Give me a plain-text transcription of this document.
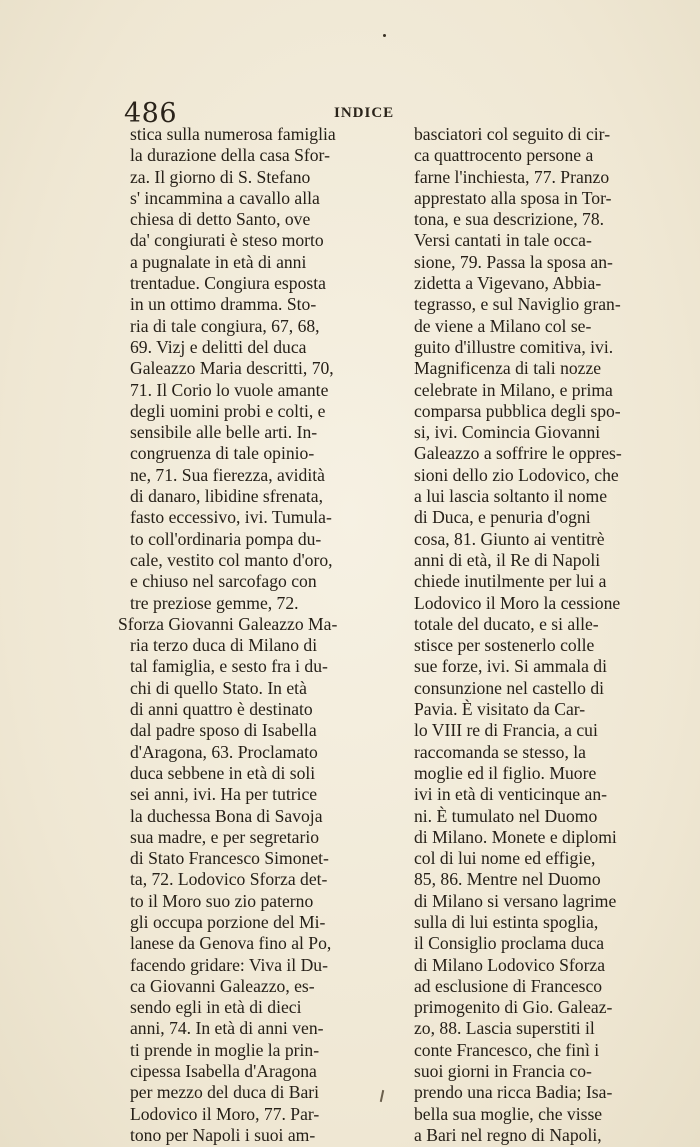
486	INDICE
stica sulla numerosa famiglia
la durazione della casa Sfor-
za. Il giorno di S. Stefano
s' incammina a cavallo alla
chiesa di detto Santo, ove
da' congiurati è steso morto
a pugnalate in età di anni
trentadue. Congiura esposta
in un ottimo dramma. Sto-
ria di tale congiura, 67, 68,
69. Vizj e delitti del duca
Galeazzo Maria descritti, 70,
71. Il Corio lo vuole amante
degli uomini probi e colti, e
sensibile alle belle arti. In-
congruenza di tale opinio-
ne, 71. Sua fierezza, avidità
di danaro, libidine sfrenata,
fasto eccessivo, ivi. Tumula-
to coll'ordinaria pompa du-
cale, vestito col manto d'oro,
e chiuso nel sarcofago con
tre preziose gemme, 72.
Sforza Giovanni Galeazzo Ma-
ria terzo duca di Milano di
tal famiglia, e sesto fra i du-
chi di quello Stato. In età
di anni quattro è destinato
dal padre sposo di Isabella
d'Aragona, 63. Proclamato
duca sebbene in età di soli
sei anni, ivi. Ha per tutrice
la duchessa Bona di Savoja
sua madre, e per segretario
di Stato Francesco Simonet-
ta, 72. Lodovico Sforza det-
to il Moro suo zio paterno
gli occupa porzione del Mi-
lanese da Genova fino al Po,
facendo gridare: Viva il Du-
ca Giovanni Galeazzo, es-
sendo egli in età di dieci
anni, 74. In età di anni ven-
ti prende in moglie la prin-
cipessa Isabella d'Aragona
per mezzo del duca di Bari
Lodovico il Moro, 77. Par-
tono per Napoli i suoi am-
basciatori col seguito di cir-
ca quattrocento persone a
farne l'inchiesta, 77. Pranzo
apprestato alla sposa in Tor-
tona, e sua descrizione, 78.
Versi cantati in tale occa-
sione, 79. Passa la sposa an-
zidetta a Vigevano, Abbia-
tegrasso, e sul Naviglio gran-
de viene a Milano col se-
guito d'illustre comitiva, ivi.
Magnificenza di tali nozze
celebrate in Milano, e prima
comparsa pubblica degli spo-
si, ivi. Comincia Giovanni
Galeazzo a soffrire le oppres-
sioni dello zio Lodovico, che
a lui lascia soltanto il nome
di Duca, e penuria d'ogni
cosa, 81. Giunto ai ventitrè
anni di età, il Re di Napoli
chiede inutilmente per lui a
Lodovico il Moro la cessione
totale del ducato, e si alle-
stisce per sostenerlo colle
sue forze, ivi. Si ammala di
consunzione nel castello di
Pavia. È visitato da Car-
lo VIII re di Francia, a cui
raccomanda se stesso, la
moglie ed il figlio. Muore
ivi in età di venticinque an-
ni. È tumulato nel Duomo
di Milano. Monete e diplomi
col di lui nome ed effigie,
85, 86. Mentre nel Duomo
di Milano si versano lagrime
sulla di lui estinta spoglia,
il Consiglio proclama duca
di Milano Lodovico Sforza
ad esclusione di Francesco
primogenito di Gio. Galeaz-
zo, 88. Lascia superstiti il
conte Francesco, che finì i
suoi giorni in Francia co-
prendo una ricca Badia; Isa-
bella sua moglie, che visse
a Bari nel regno di Napoli,
